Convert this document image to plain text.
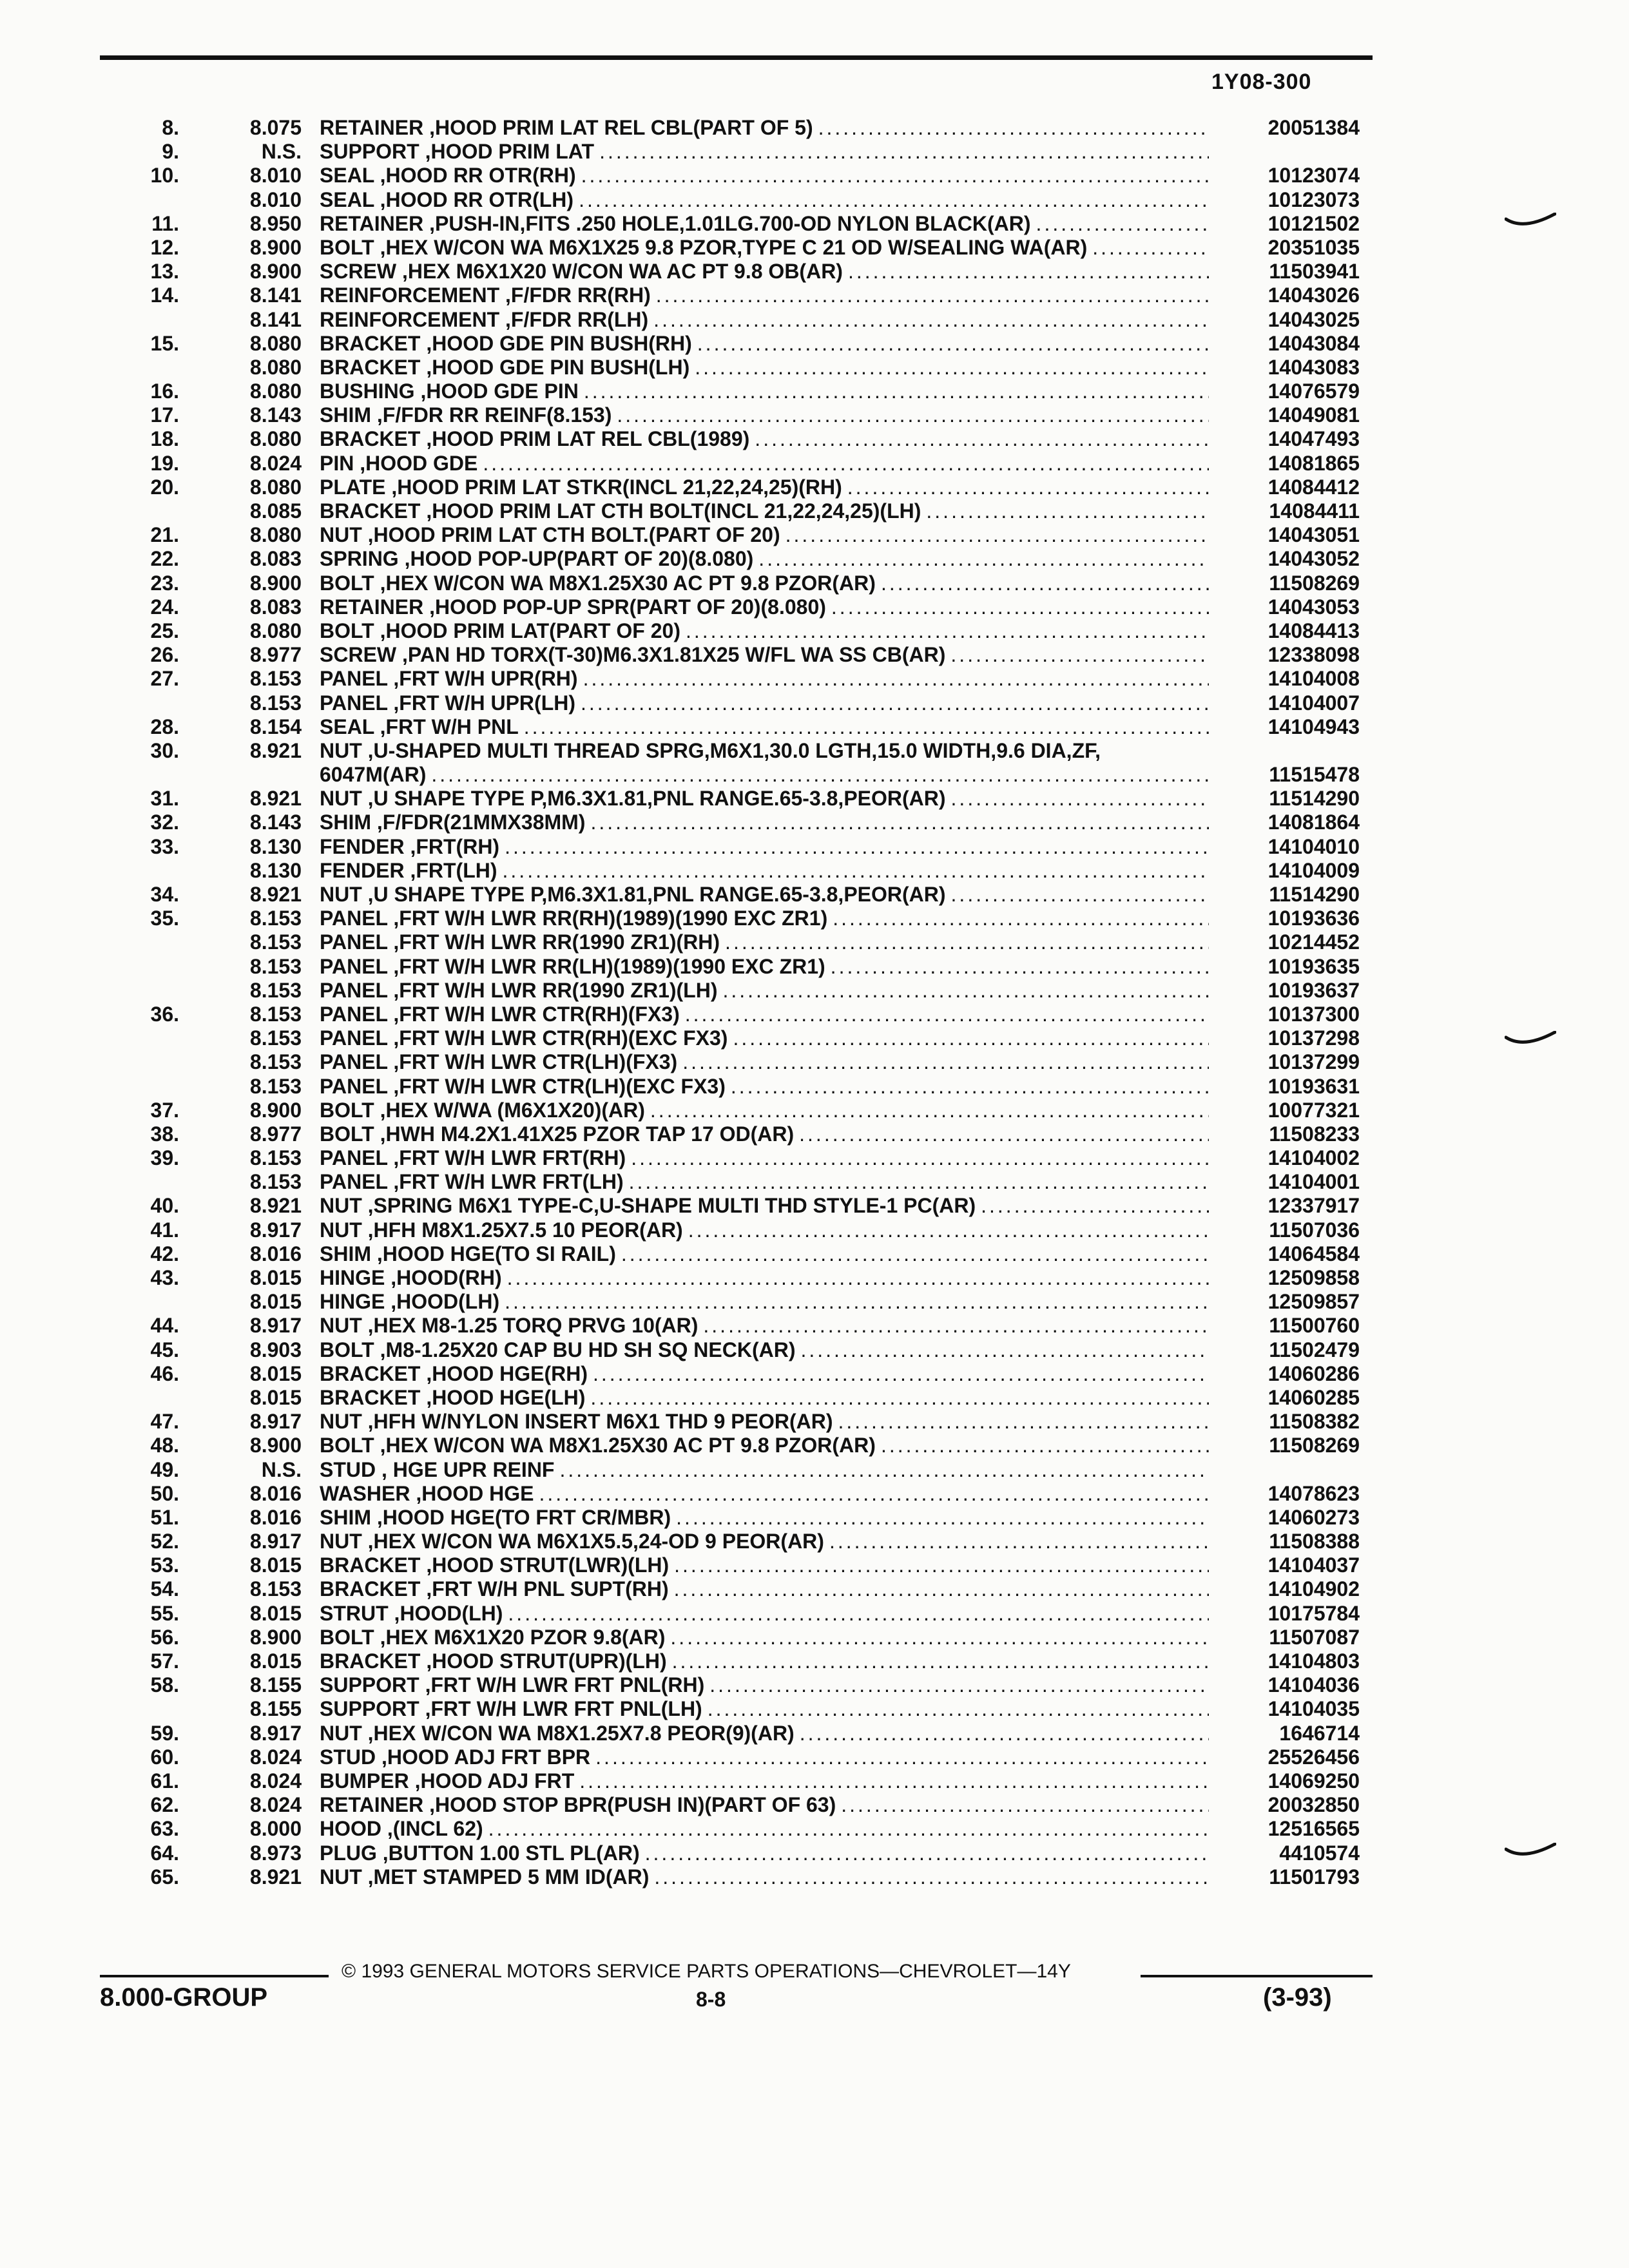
1Y08-300
8.	8.075 RETAINER ,HOOD PRIM LAT REL CBL(PART OF 5) .....	20051384
9.	N.S. SUPPORT ,HOOD PRIM LAT .....
10.	8.010 SEAL ,HOOD RR OTR(RH) .....	10123074
8.010 SEAL ,HOOD RR OTR(LH) .....	10123073
11.	8.950 RETAINER ,PUSH-IN,FITS .250 HOLE,1.01LG.700-OD NYLON BLACK(AR) .....	10121502
12.	8.900 BOLT ,HEX W/CON WA M6X1X25 9.8 PZOR,TYPE C 21 OD W/SEALING WA(AR) .....	20351035
13.	8.900 SCREW ,HEX M6X1X20 W/CON WA AC PT 9.8 OB(AR) .....	11503941
14.	8.141 REINFORCEMENT ,F/FDR RR(RH) .....	14043026
8.141 REINFORCEMENT ,F/FDR RR(LH) .....	14043025
15.	8.080 BRACKET ,HOOD GDE PIN BUSH(RH) .....	14043084
8.080 BRACKET ,HOOD GDE PIN BUSH(LH) .....	14043083
16.	8.080 BUSHING ,HOOD GDE PIN .....	14076579
17.	8.143 SHIM ,F/FDR RR REINF(8.153) .....	14049081
18.	8.080 BRACKET ,HOOD PRIM LAT REL CBL(1989) .....	14047493
19.	8.024 PIN ,HOOD GDE .....	14081865
20.	8.080 PLATE ,HOOD PRIM LAT STKR(INCL 21,22,24,25)(RH) .....	14084412
8.085 BRACKET ,HOOD PRIM LAT CTH BOLT(INCL 21,22,24,25)(LH) .....	14084411
21.	8.080 NUT ,HOOD PRIM LAT CTH BOLT.(PART OF 20) .....	14043051
22.	8.083 SPRING ,HOOD POP-UP(PART OF 20)(8.080) .....	14043052
23.	8.900 BOLT ,HEX W/CON WA M8X1.25X30 AC PT 9.8 PZOR(AR) .....	11508269
24.	8.083 RETAINER ,HOOD POP-UP SPR(PART OF 20)(8.080) .....	14043053
25.	8.080 BOLT ,HOOD PRIM LAT(PART OF 20) .....	14084413
26.	8.977 SCREW ,PAN HD TORX(T-30)M6.3X1.81X25 W/FL WA SS CB(AR) .....	12338098
27.	8.153 PANEL ,FRT W/H UPR(RH) .....	14104008
8.153 PANEL ,FRT W/H UPR(LH) .....	14104007
28.	8.154 SEAL ,FRT W/H PNL .....	14104943
30.	8.921 NUT ,U-SHAPED MULTI THREAD SPRG,M6X1,30.0 LGTH,15.0 WIDTH,9.6 DIA,ZF,
6047M(AR) .....	11515478
31.	8.921 NUT ,U SHAPE TYPE P,M6.3X1.81,PNL RANGE.65-3.8,PEOR(AR) .....	11514290
32.	8.143 SHIM ,F/FDR(21MMX38MM) .....	14081864
33.	8.130 FENDER ,FRT(RH) .....	14104010
8.130 FENDER ,FRT(LH) .....	14104009
34.	8.921 NUT ,U SHAPE TYPE P,M6.3X1.81,PNL RANGE.65-3.8,PEOR(AR) .....	11514290
35.	8.153 PANEL ,FRT W/H LWR RR(RH)(1989)(1990 EXC ZR1) .....	10193636
8.153 PANEL ,FRT W/H LWR RR(1990 ZR1)(RH) .....	10214452
8.153 PANEL ,FRT W/H LWR RR(LH)(1989)(1990 EXC ZR1) .....	10193635
8.153 PANEL ,FRT W/H LWR RR(1990 ZR1)(LH) .....	10193637
36.	8.153 PANEL ,FRT W/H LWR CTR(RH)(FX3) .....	10137300
8.153 PANEL ,FRT W/H LWR CTR(RH)(EXC FX3) .....	10137298
8.153 PANEL ,FRT W/H LWR CTR(LH)(FX3) .....	10137299
8.153 PANEL ,FRT W/H LWR CTR(LH)(EXC FX3) .....	10193631
37.	8.900 BOLT ,HEX W/WA (M6X1X20)(AR) .....	10077321
38.	8.977 BOLT ,HWH M4.2X1.41X25 PZOR TAP 17 OD(AR) .....	11508233
39.	8.153 PANEL ,FRT W/H LWR FRT(RH) .....	14104002
8.153 PANEL ,FRT W/H LWR FRT(LH) .....	14104001
40.	8.921 NUT ,SPRING M6X1 TYPE-C,U-SHAPE MULTI THD STYLE-1 PC(AR) .....	12337917
41.	8.917 NUT ,HFH M8X1.25X7.5 10 PEOR(AR) .....	11507036
42.	8.016 SHIM ,HOOD HGE(TO SI RAIL) .....	14064584
43.	8.015 HINGE ,HOOD(RH) .....	12509858
8.015 HINGE ,HOOD(LH) .....	12509857
44.	8.917 NUT ,HEX M8-1.25 TORQ PRVG 10(AR) .....	11500760
45.	8.903 BOLT ,M8-1.25X20 CAP BU HD SH SQ NECK(AR) .....	11502479
46.	8.015 BRACKET ,HOOD HGE(RH) .....	14060286
8.015 BRACKET ,HOOD HGE(LH) .....	14060285
47.	8.917 NUT ,HFH W/NYLON INSERT M6X1 THD 9 PEOR(AR) .....	11508382
48.	8.900 BOLT ,HEX W/CON WA M8X1.25X30 AC PT 9.8 PZOR(AR) .....	11508269
49.	N.S. STUD , HGE UPR REINF .....
50.	8.016 WASHER ,HOOD HGE .....	14078623
51.	8.016 SHIM ,HOOD HGE(TO FRT CR/MBR) .....	14060273
52.	8.917 NUT ,HEX W/CON WA M6X1X5.5,24-OD 9 PEOR(AR) .....	11508388
53.	8.015 BRACKET ,HOOD STRUT(LWR)(LH) .....	14104037
54.	8.153 BRACKET ,FRT W/H PNL SUPT(RH) .....	14104902
55.	8.015 STRUT ,HOOD(LH) .....	10175784
56.	8.900 BOLT ,HEX M6X1X20 PZOR 9.8(AR) .....	11507087
57.	8.015 BRACKET ,HOOD STRUT(UPR)(LH) .....	14104803
58.	8.155 SUPPORT ,FRT W/H LWR FRT PNL(RH) .....	14104036
8.155 SUPPORT ,FRT W/H LWR FRT PNL(LH) .....	14104035
59.	8.917 NUT ,HEX W/CON WA M8X1.25X7.8 PEOR(9)(AR) .....	1646714
60.	8.024 STUD ,HOOD ADJ FRT BPR .....	25526456
61.	8.024 BUMPER ,HOOD ADJ FRT .....	14069250
62.	8.024 RETAINER ,HOOD STOP BPR(PUSH IN)(PART OF 63) .....	20032850
63.	8.000 HOOD ,(INCL 62) .....	12516565
64.	8.973 PLUG ,BUTTON 1.00 STL PL(AR) .....	4410574
65.	8.921 NUT ,MET STAMPED 5 MM ID(AR) .....	11501793
© 1993 GENERAL MOTORS SERVICE PARTS OPERATIONS—CHEVROLET—14Y
8.000-GROUP	8-8	(3-93)
